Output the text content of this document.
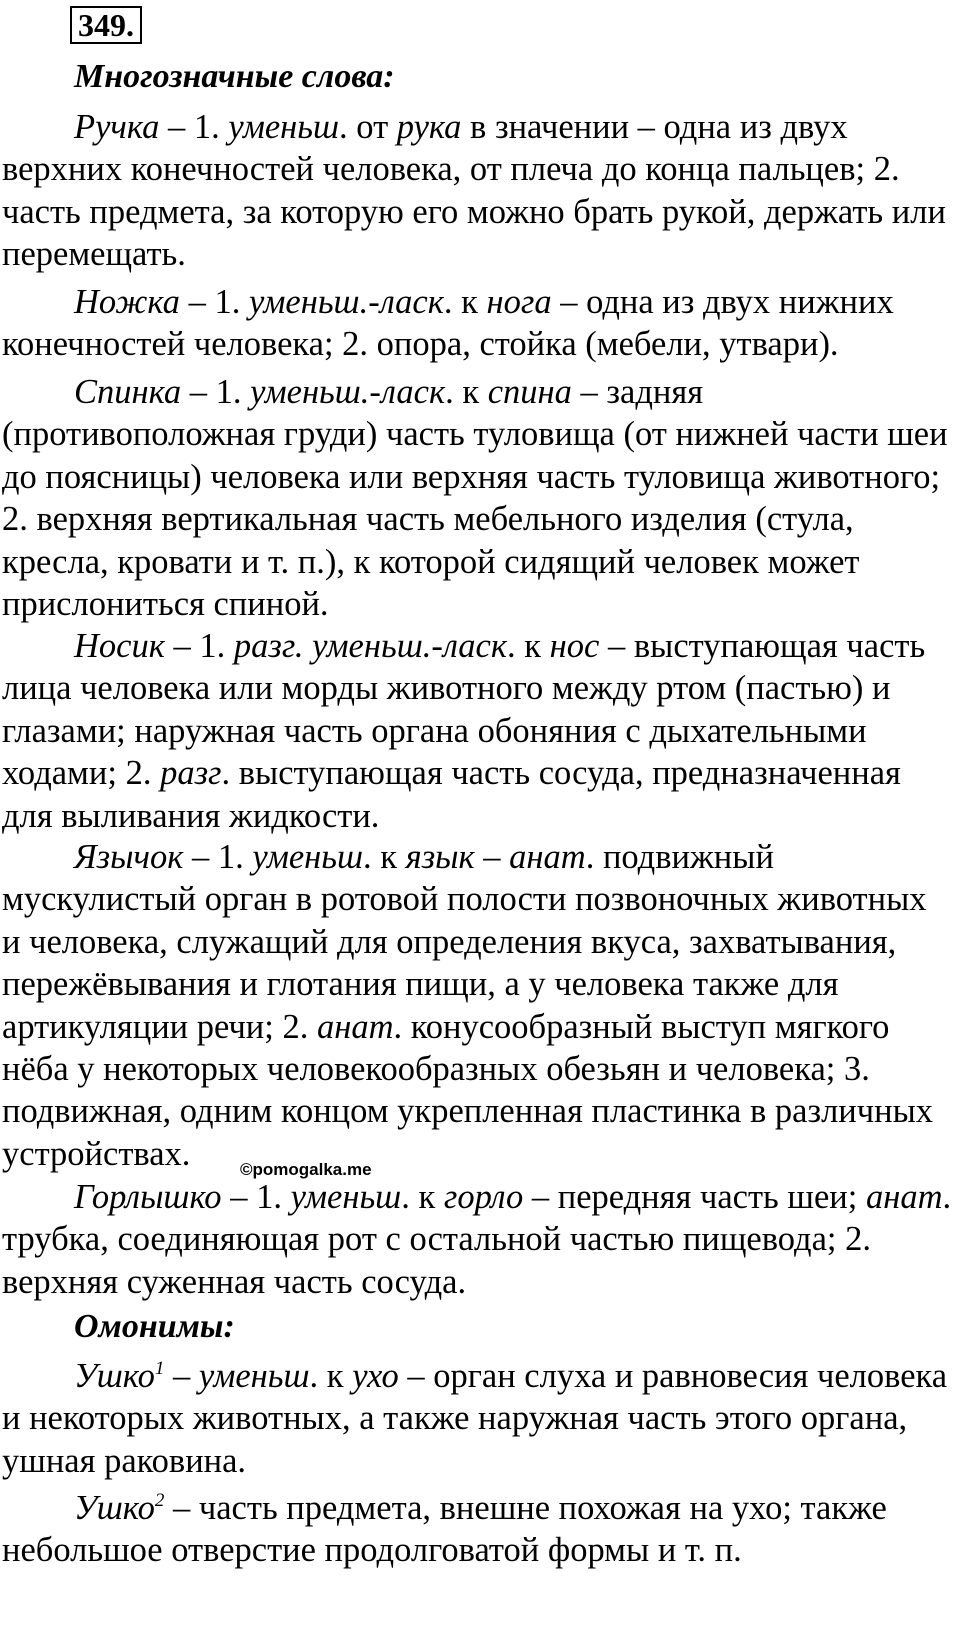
349.
Многозначные слова:

Ручка – 1. уменьш. от рука в значении – одна из двух верхних конечностей человека, от плеча до конца пальцев; 2. часть предмета, за которую его можно брать рукой, держать или перемещать.

Ножка – 1. уменьш.-ласк. к нога – одна из двух нижних конечностей человека; 2. опора, стойка (мебели, утвари).

Спинка – 1. уменьш.-ласк. к спина – задняя (противоположная груди) часть туловища (от нижней части шеи до поясницы) человека или верхняя часть туловища животного; 2. верхняя вертикальная часть мебельного изделия (стула, кресла, кровати и т. п.), к которой сидящий человек может прислониться спиной.

Носик – 1. разг. уменьш.-ласк. к нос – выступающая часть лица человека или морды животного между ртом (пастью) и глазами; наружная часть органа обоняния с дыхательными ходами; 2. разг. выступающая часть сосуда, предназначенная для выливания жидкости.

Язычок – 1. уменьш. к язык – анат. подвижный мускулистый орган в ротовой полости позвоночных животных и человека, служащий для определения вкуса, захватывания, пережёвывания и глотания пищи, а у человека также для артикуляции речи; 2. анат. конусообразный выступ мягкого нёба у некоторых человекообразных обезьян и человека; 3. подвижная, одним концом укрепленная пластинка в различных устройствах.

Горлышко – 1. уменьш. к горло – передняя часть шеи; анат. трубка, соединяющая рот с остальной частью пищевода; 2. верхняя суженная часть сосуда.

©pomogalka.me
Омонимы:

Ушко$^1$ – уменьш. к ухо – орган слуха и равновесия человека и некоторых животных, а также наружная часть этого органа, ушная раковина.

Ушко$^2$ – часть предмета, внешне похожая на ухо; также небольшое отверстие продолговатой формы и т. п.
